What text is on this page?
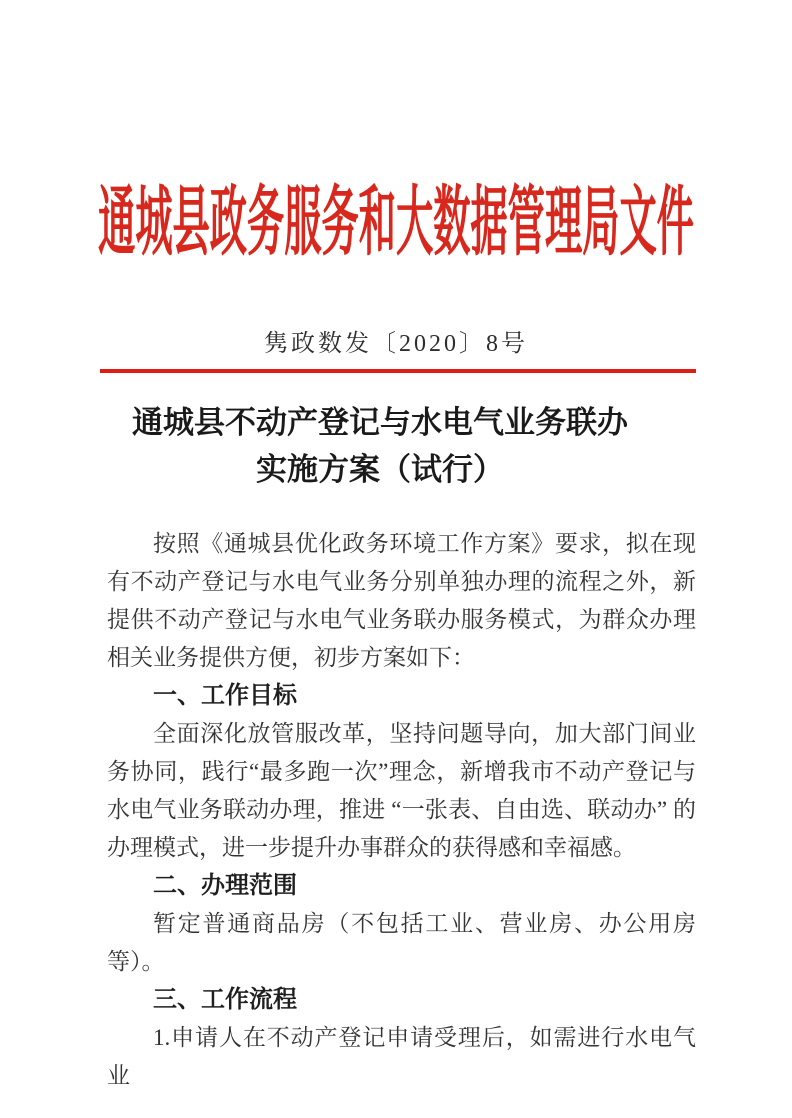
通城县政务服务和大数据管理局文件
隽政数发〔2020〕8号
通城县不动产登记与水电气业务联办
实施方案（试行）

按照《通城县优化政务环境工作方案》要求，拟在现有不动产登记与水电气业务分别单独办理的流程之外，新提供不动产登记与水电气业务联办服务模式，为群众办理相关业务提供方便，初步方案如下：

一、工作目标

全面深化放管服改革，坚持问题导向，加大部门间业务协同，践行“最多跑一次”理念，新增我市不动产登记与水电气业务联动办理，推进 “一张表、自由选、联动办” 的办理模式，进一步提升办事群众的获得感和幸福感。

二、办理范围

暂定普通商品房（不包括工业、营业房、办公用房等）。

三、工作流程

1.申请人在不动产登记申请受理后，如需进行水电气业
